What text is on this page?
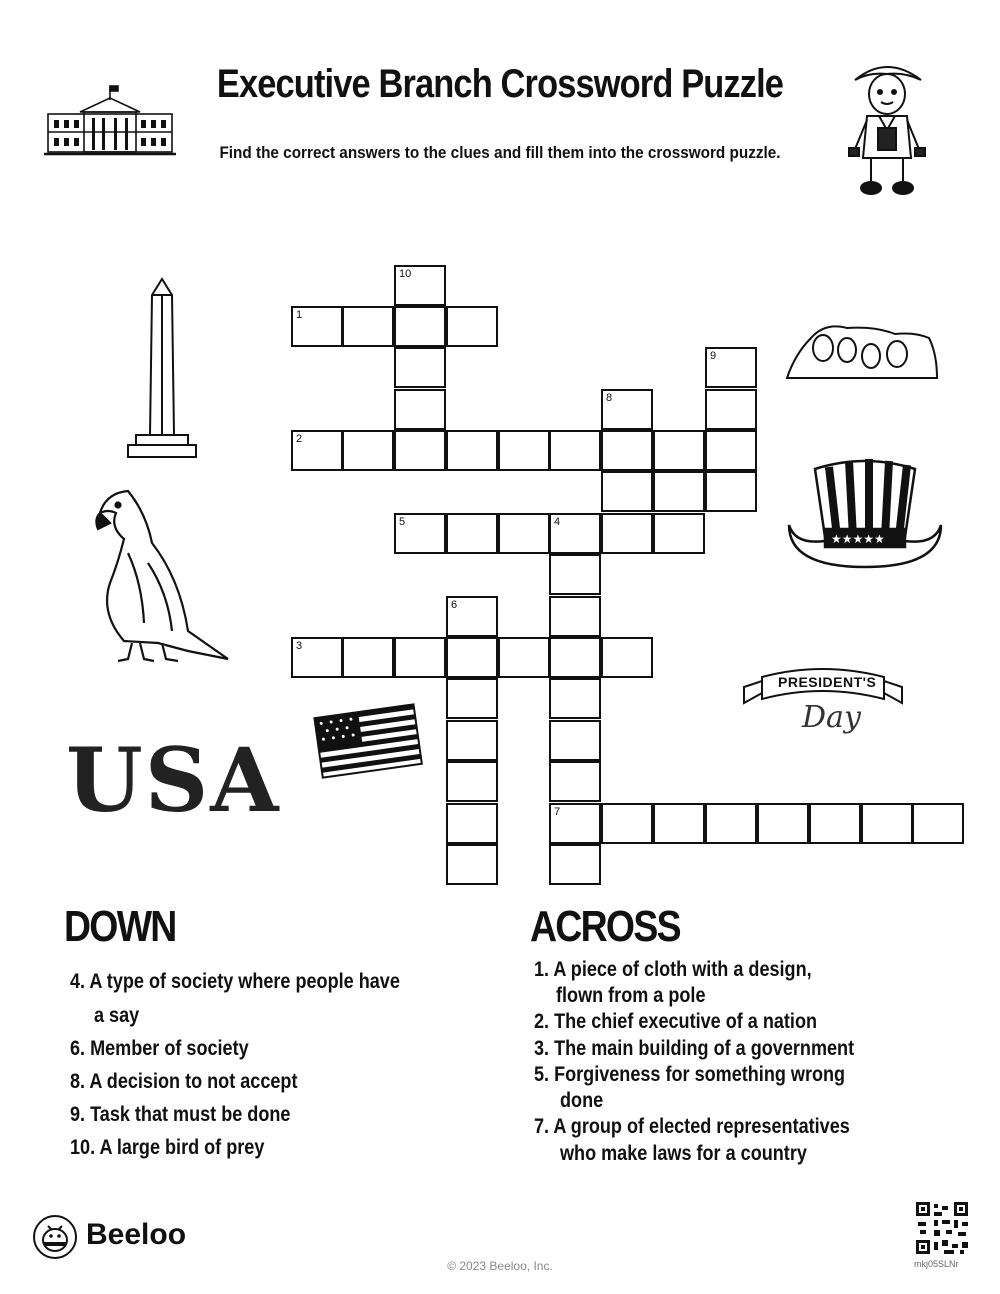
Executive Branch Crossword Puzzle
Find the correct answers to the clues and fill them into the crossword puzzle.
10
1
9
8
2
5	4
6
3
7
★★★★★
PRESIDENT'S
Day
USA
DOWN
4. A type of society where people have
a say
6. Member of society
8. A decision to not accept
9. Task that must be done
10. A large bird of prey
ACROSS
1. A piece of cloth with a design,
flown from a pole
2. The chief executive of a nation
3. The main building of a government
5. Forgiveness for something wrong
done
7. A group of elected representatives
who make laws for a country
Beeloo
© 2023 Beeloo, Inc.	mkj05SLNr
